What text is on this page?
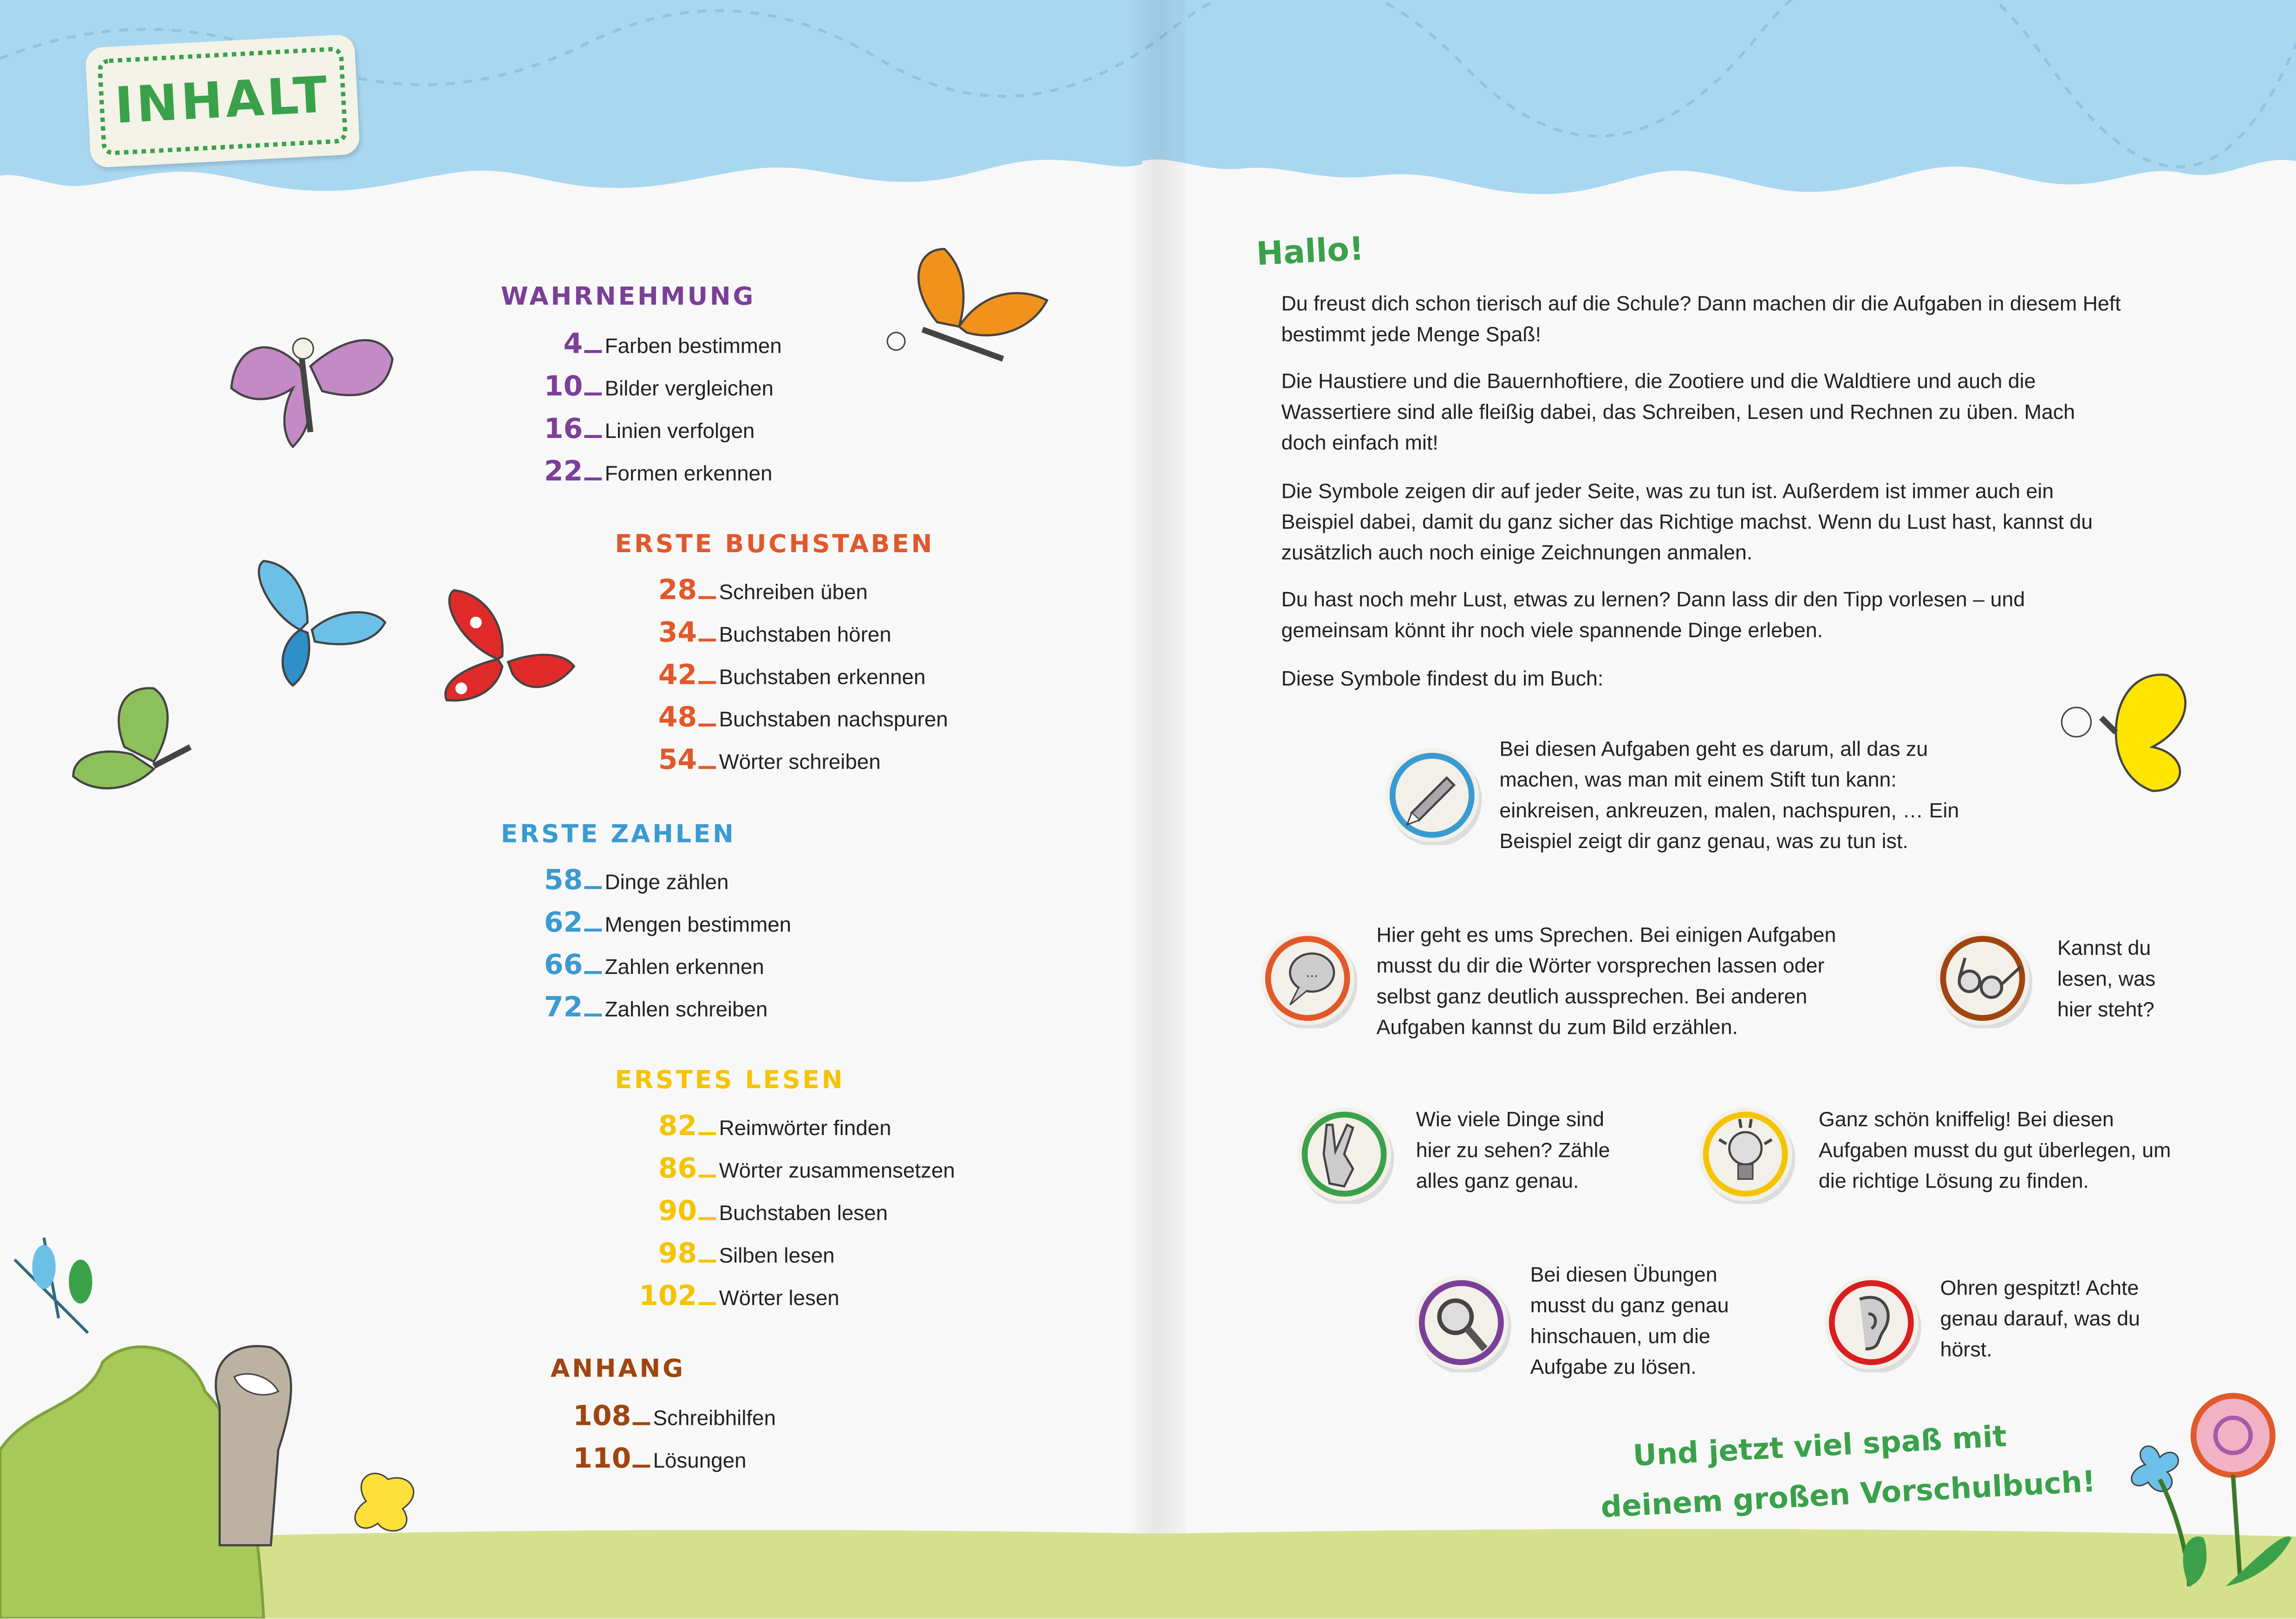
INHALT
WAHRNEHMUNG
4	Farben bestimmen
10	Bilder vergleichen
16	Linien verfolgen
22	Formen erkennen
ERSTE BUCHSTABEN
28	Schreiben üben
34	Buchstaben hören
42	Buchstaben erkennen
48	Buchstaben nachspuren
54	Wörter schreiben
ERSTE ZAHLEN
58	Dinge zählen
62	Mengen bestimmen
66	Zahlen erkennen
72	Zahlen schreiben
ERSTES LESEN
82	Reimwörter finden
86	Wörter zusammensetzen
90	Buchstaben lesen
98	Silben lesen
102	Wörter lesen
ANHANG
108	Schreibhilfen
110	Lösungen
Hallo!

Du freust dich schon tierisch auf die Schule? Dann machen dir die Aufgaben in diesem Heft bestimmt jede Menge Spaß!

Die Haustiere und die Bauernhoftiere, die Zootiere und die Waldtiere und auch die Wassertiere sind alle fleißig dabei, das Schreiben, Lesen und Rechnen zu üben. Mach doch einfach mit!

Die Symbole zeigen dir auf jeder Seite, was zu tun ist. Außerdem ist immer auch ein Beispiel dabei, damit du ganz sicher das Richtige machst. Wenn du Lust hast, kannst du zusätzlich auch noch einige Zeichnungen anmalen.

Du hast noch mehr Lust, etwas zu lernen? Dann lass dir den Tipp vorlesen – und gemeinsam könnt ihr noch viele spannende Dinge erleben.

Diese Symbole findest du im Buch:

Bei diesen Aufgaben geht es darum, all das zu machen, was man mit einem Stift tun kann: einkreisen, ankreuzen, malen, nachspuren, … Ein Beispiel zeigt dir ganz genau, was zu tun ist.
...
Hier geht es ums Sprechen. Bei einigen Aufgaben musst du dir die Wörter vorsprechen lassen oder selbst ganz deutlich aussprechen. Bei anderen Aufgaben kannst du zum Bild erzählen.
Kannst du lesen, was hier steht?
Wie viele Dinge sind hier zu sehen? Zähle alles ganz genau.
Ganz schön kniffelig! Bei diesen Aufgaben musst du gut überlegen, um die richtige Lösung zu finden.
Bei diesen Übungen musst du ganz genau hinschauen, um die Aufgabe zu lösen.
Ohren gespitzt! Achte genau darauf, was du hörst.
Und jetzt viel spaß mit
deinem großen Vorschulbuch!
